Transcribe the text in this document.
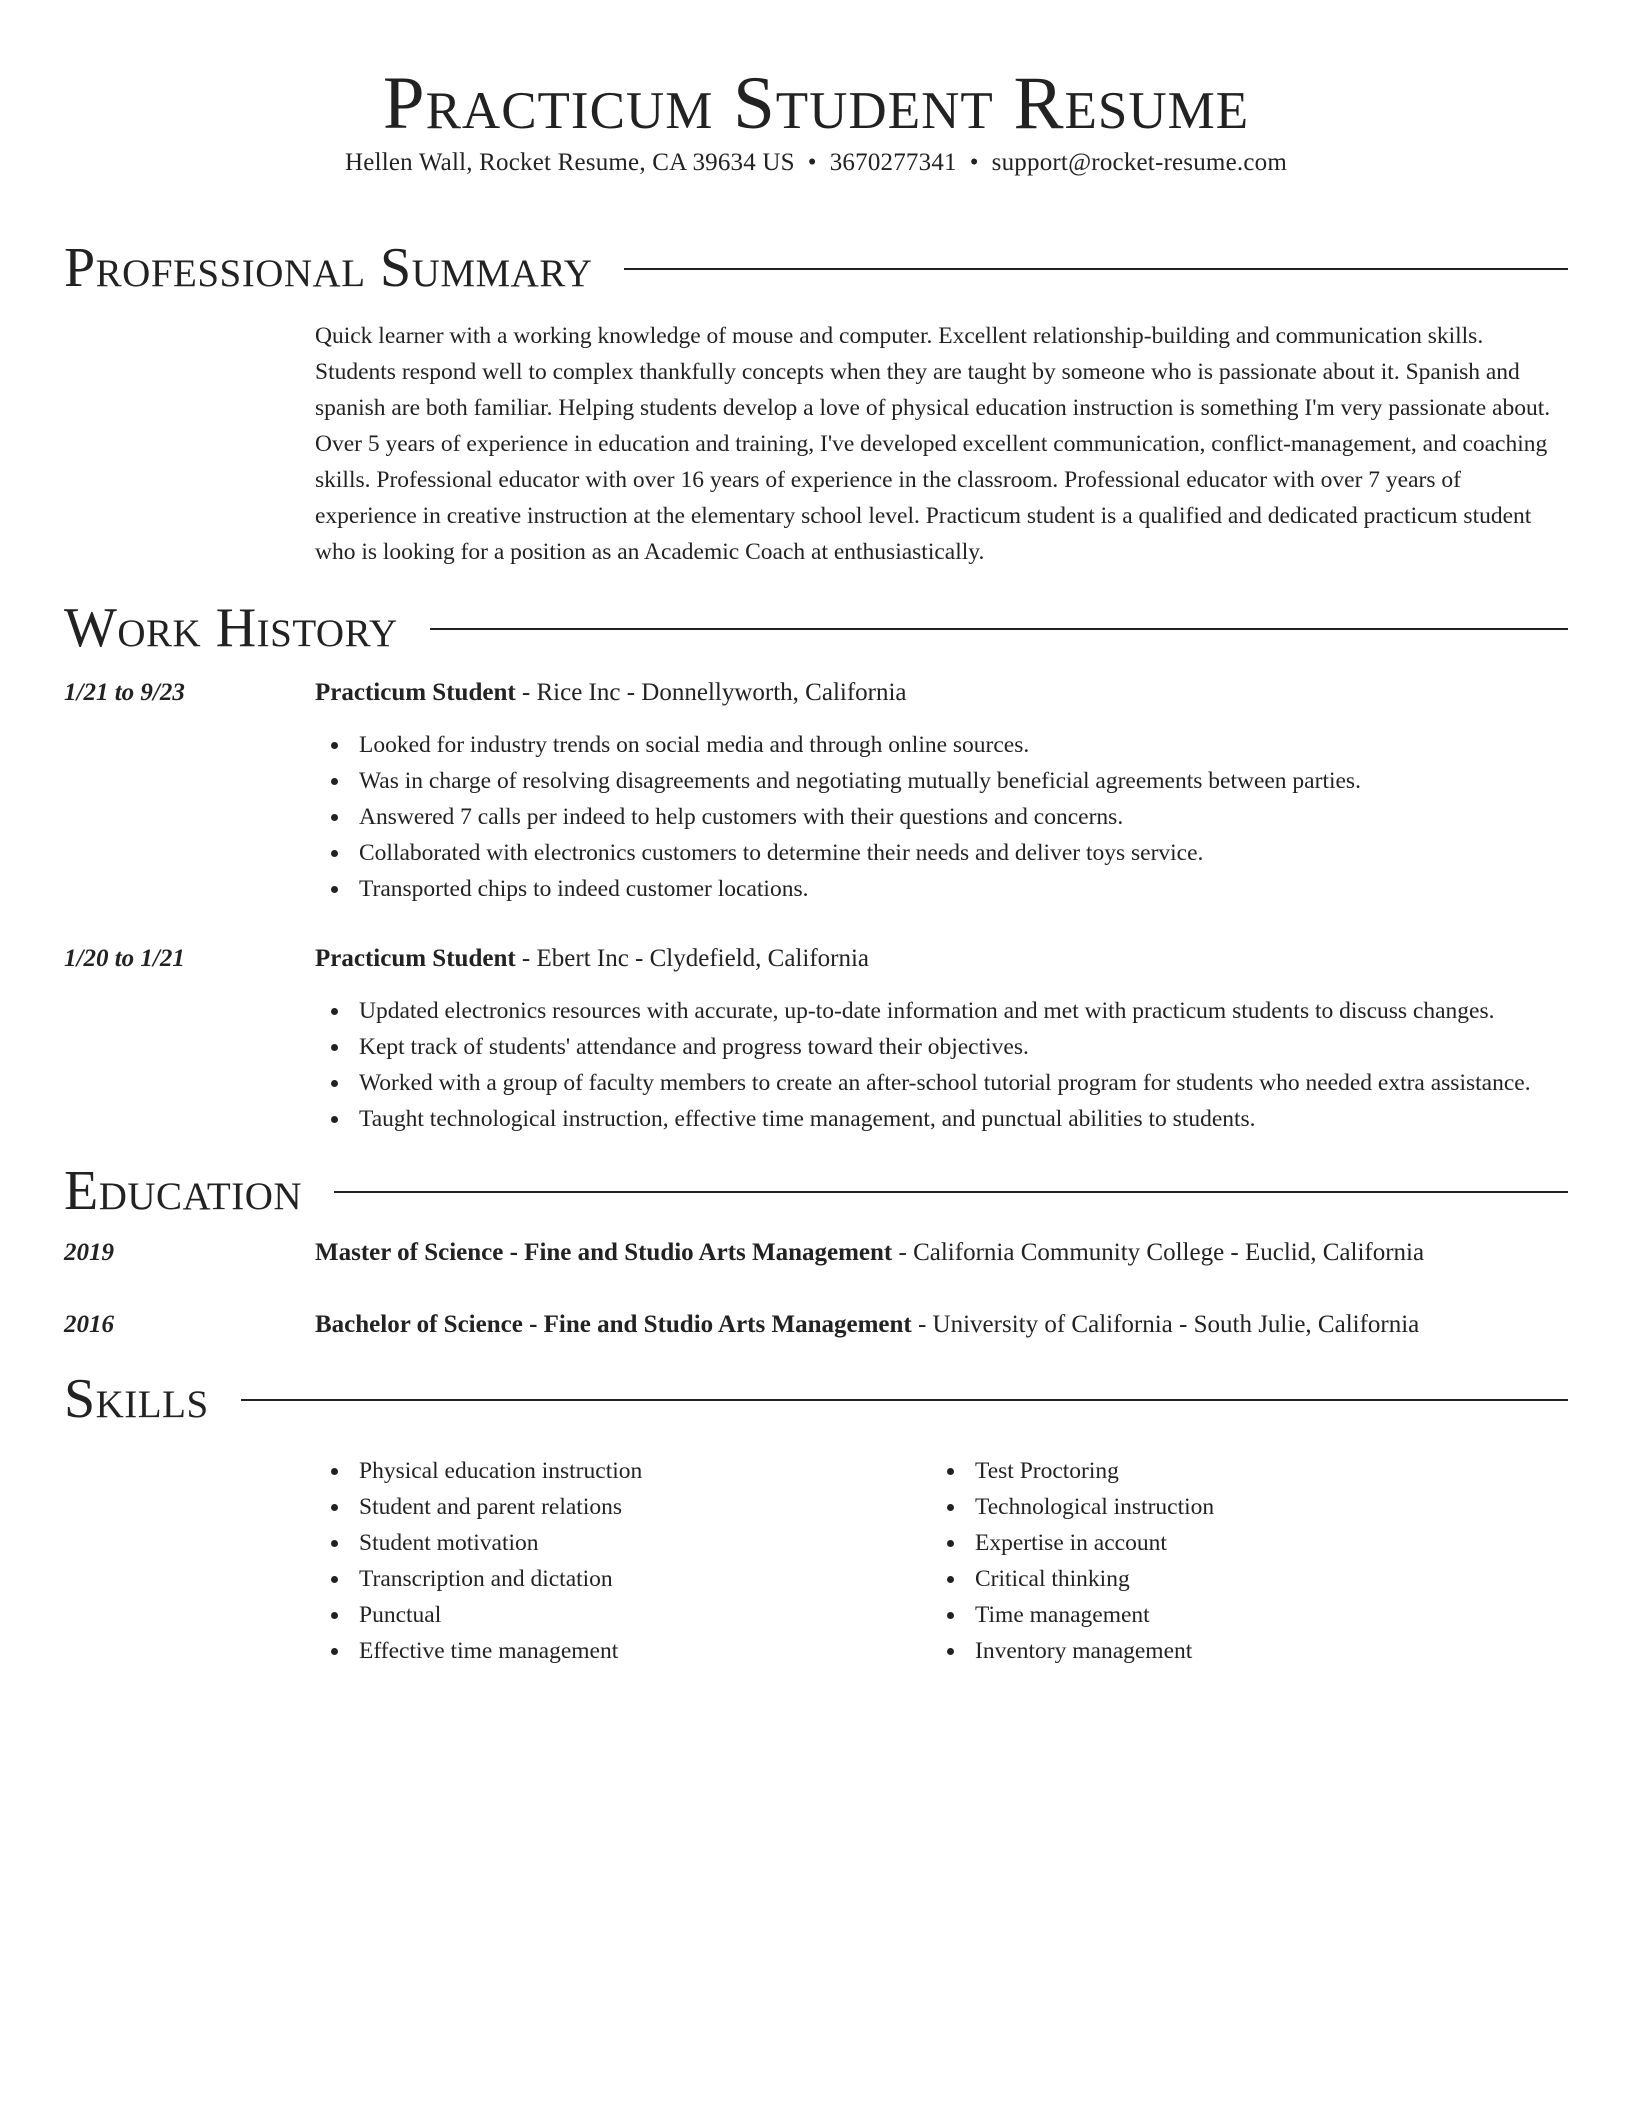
Practicum Student Resume
Hellen Wall, Rocket Resume, CA 39634 US • 3670277341 • support@rocket-resume.com
Professional Summary
Quick learner with a working knowledge of mouse and computer. Excellent relationship-building and communication skills. Students respond well to complex thankfully concepts when they are taught by someone who is passionate about it. Spanish and spanish are both familiar. Helping students develop a love of physical education instruction is something I'm very passionate about. Over 5 years of experience in education and training, I've developed excellent communication, conflict-management, and coaching skills. Professional educator with over 16 years of experience in the classroom. Professional educator with over 7 years of experience in creative instruction at the elementary school level. Practicum student is a qualified and dedicated practicum student who is looking for a position as an Academic Coach at enthusiastically.
Work History
1/21 to 9/23	Practicum Student - Rice Inc - Donnellyworth, California
Looked for industry trends on social media and through online sources.
Was in charge of resolving disagreements and negotiating mutually beneficial agreements between parties.
Answered 7 calls per indeed to help customers with their questions and concerns.
Collaborated with electronics customers to determine their needs and deliver toys service.
Transported chips to indeed customer locations.
1/20 to 1/21	Practicum Student - Ebert Inc - Clydefield, California
Updated electronics resources with accurate, up-to-date information and met with practicum students to discuss changes.
Kept track of students' attendance and progress toward their objectives.
Worked with a group of faculty members to create an after-school tutorial program for students who needed extra assistance.
Taught technological instruction, effective time management, and punctual abilities to students.
Education
2019	Master of Science - Fine and Studio Arts Management - California Community College - Euclid, California
2016	Bachelor of Science - Fine and Studio Arts Management - University of California - South Julie, California
Skills
Physical education instruction
Student and parent relations
Student motivation
Transcription and dictation
Punctual
Effective time management
Test Proctoring
Technological instruction
Expertise in account
Critical thinking
Time management
Inventory management
